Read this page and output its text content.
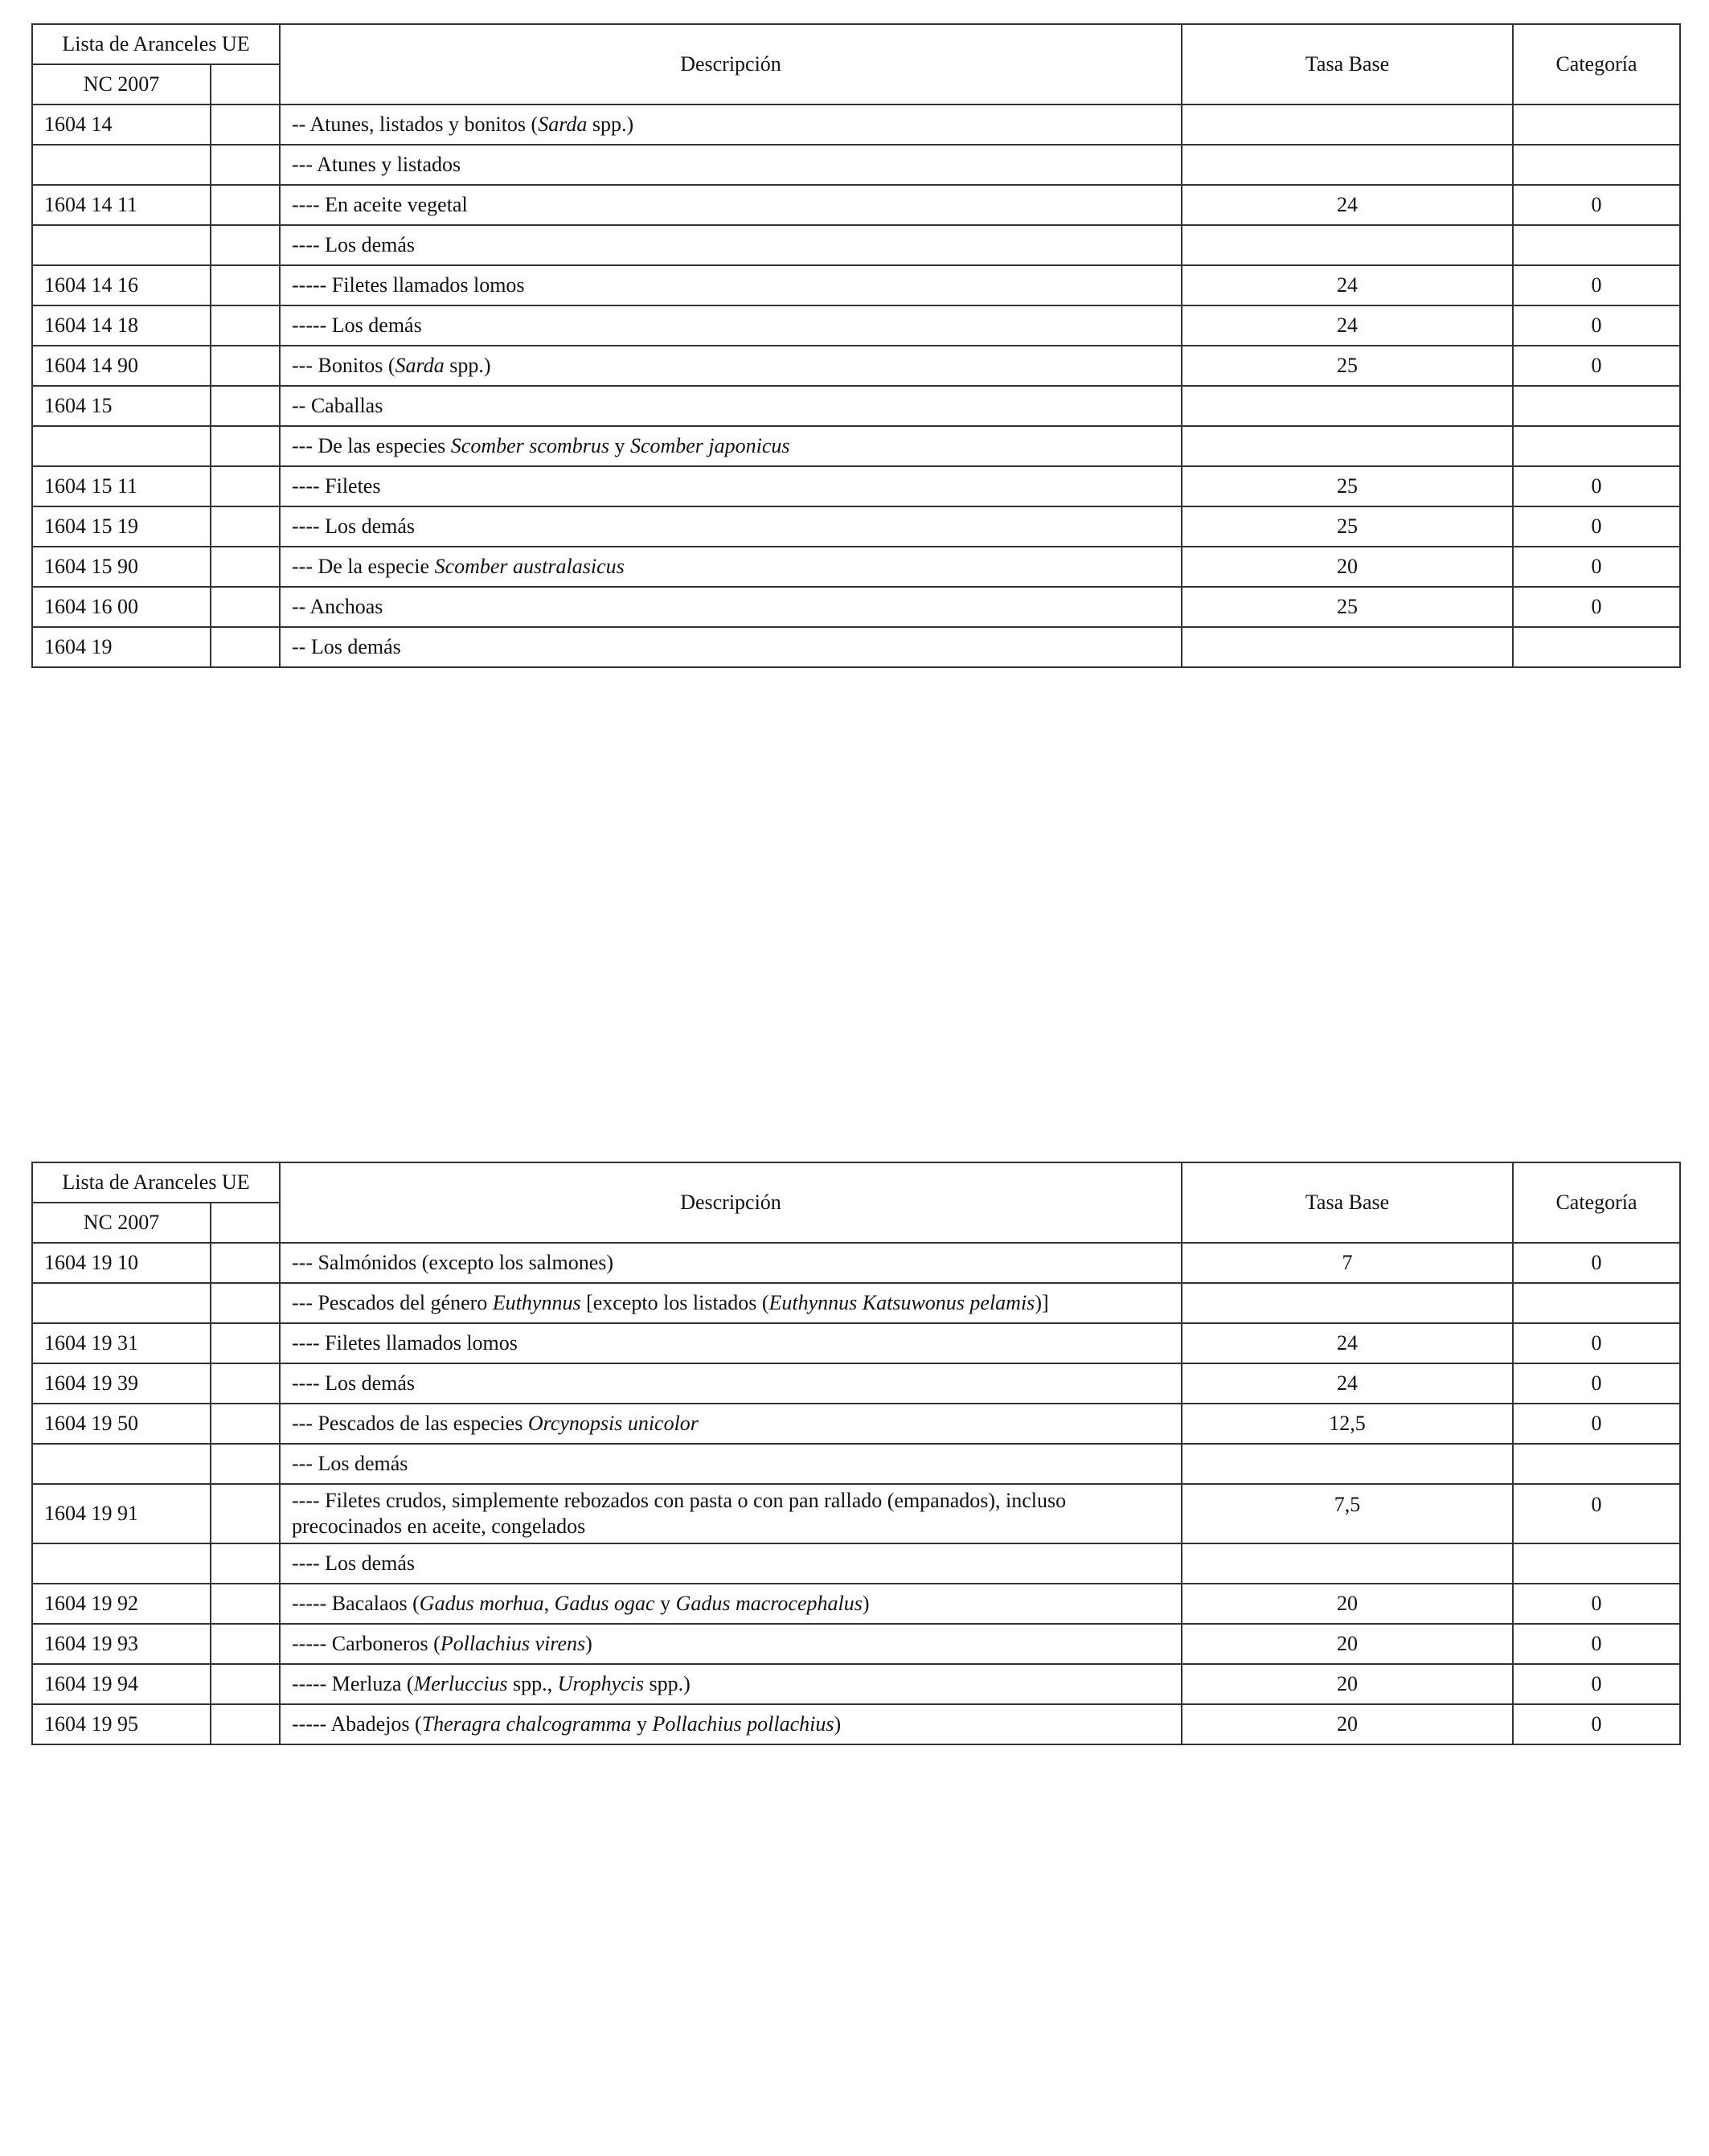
Lista de Aranceles UE		Descripción	Tasa Base	Categoría
NC 2007				
1604 14		-- Atunes, listados y bonitos (Sarda spp.)		
		--- Atunes y listados		
1604 14 11		---- En aceite vegetal	24	0
		---- Los demás		
1604 14 16		----- Filetes llamados lomos	24	0
1604 14 18		----- Los demás	24	0
1604 14 90		--- Bonitos (Sarda spp.)	25	0
1604 15		-- Caballas		
		--- De las especies Scomber scombrus y Scomber japonicus		
1604 15 11		---- Filetes	25	0
1604 15 19		---- Los demás	25	0
1604 15 90		--- De la especie Scomber australasicus	20	0
1604 16 00		-- Anchoas	25	0
1604 19		-- Los demás		
Lista de Aranceles UE		Descripción	Tasa Base	Categoría
NC 2007				
1604 19 10		--- Salmónidos (excepto los salmones)	7	0
		--- Pescados del género Euthynnus [excepto los listados (Euthynnus Katsuwonus pelamis)]		
1604 19 31		---- Filetes llamados lomos	24	0
1604 19 39		---- Los demás	24	0
1604 19 50		--- Pescados de las especies Orcynopsis unicolor	12,5	0
		--- Los demás		
1604 19 91		---- Filetes crudos, simplemente rebozados con pasta o con pan rallado (empanados), incluso precocinados en aceite, congelados	7,5	0
		---- Los demás		
1604 19 92		----- Bacalaos (Gadus morhua, Gadus ogac y Gadus macrocephalus)	20	0
1604 19 93		----- Carboneros (Pollachius virens)	20	0
1604 19 94		----- Merluza (Merluccius spp., Urophycis spp.)	20	0
1604 19 95		----- Abadejos (Theragra chalcogramma y Pollachius pollachius)	20	0
